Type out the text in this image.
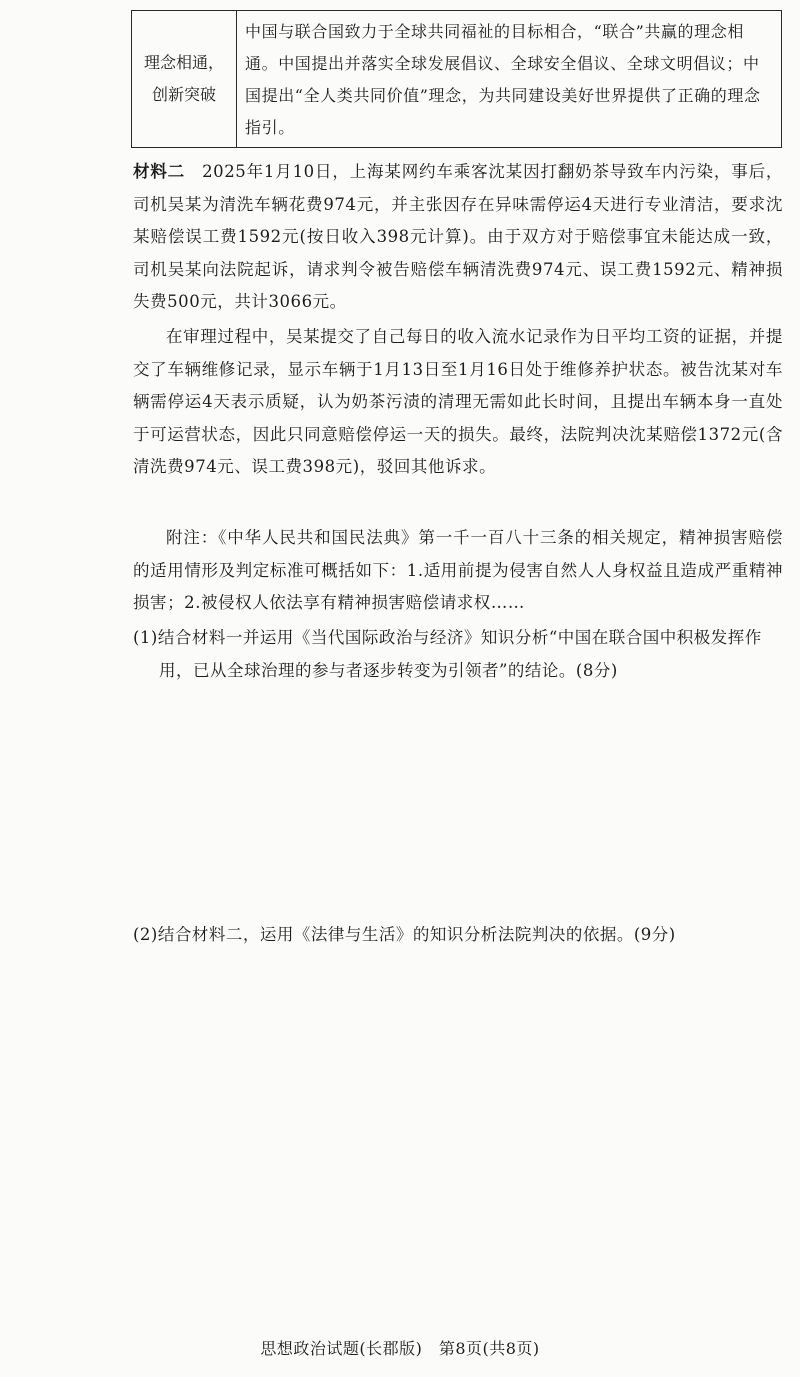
理念相通，
创新突破
	中国与联合国致力于全球共同福祉的目标相合，“联合”共赢的理念相通。中国提出并落实全球发展倡议、全球安全倡议、全球文明倡议；中国提出“全人类共同价值”理念，为共同建设美好世界提供了正确的理念指引。

材料二  2025年1月10日，上海某网约车乘客沈某因打翻奶茶导致车内污染，事后，司机吴某为清洗车辆花费974元，并主张因存在异味需停运4天进行专业清洁，要求沈某赔偿误工费1592元(按日收入398元计算)。由于双方对于赔偿事宜未能达成一致，司机吴某向法院起诉，请求判令被告赔偿车辆清洗费974元、误工费1592元、精神损失费500元，共计3066元。

在审理过程中，吴某提交了自己每日的收入流水记录作为日平均工资的证据，并提交了车辆维修记录，显示车辆于1月13日至1月16日处于维修养护状态。被告沈某对车辆需停运4天表示质疑，认为奶茶污渍的清理无需如此长时间，且提出车辆本身一直处于可运营状态，因此只同意赔偿停运一天的损失。最终，法院判决沈某赔偿1372元(含清洗费974元、误工费398元)，驳回其他诉求。

附注：《中华人民共和国民法典》第一千一百八十三条的相关规定，精神损害赔偿的适用情形及判定标准可概括如下：1.适用前提为侵害自然人人身权益且造成严重精神损害；2.被侵权人依法享有精神损害赔偿请求权……

(1)结合材料一并运用《当代国际政治与经济》知识分析“中国在联合国中积极发挥作用，已从全球治理的参与者逐步转变为引领者”的结论。(8分)

(2)结合材料二，运用《法律与生活》的知识分析法院判决的依据。(9分)

思想政治试题(长郡版)　第8页(共8页)
